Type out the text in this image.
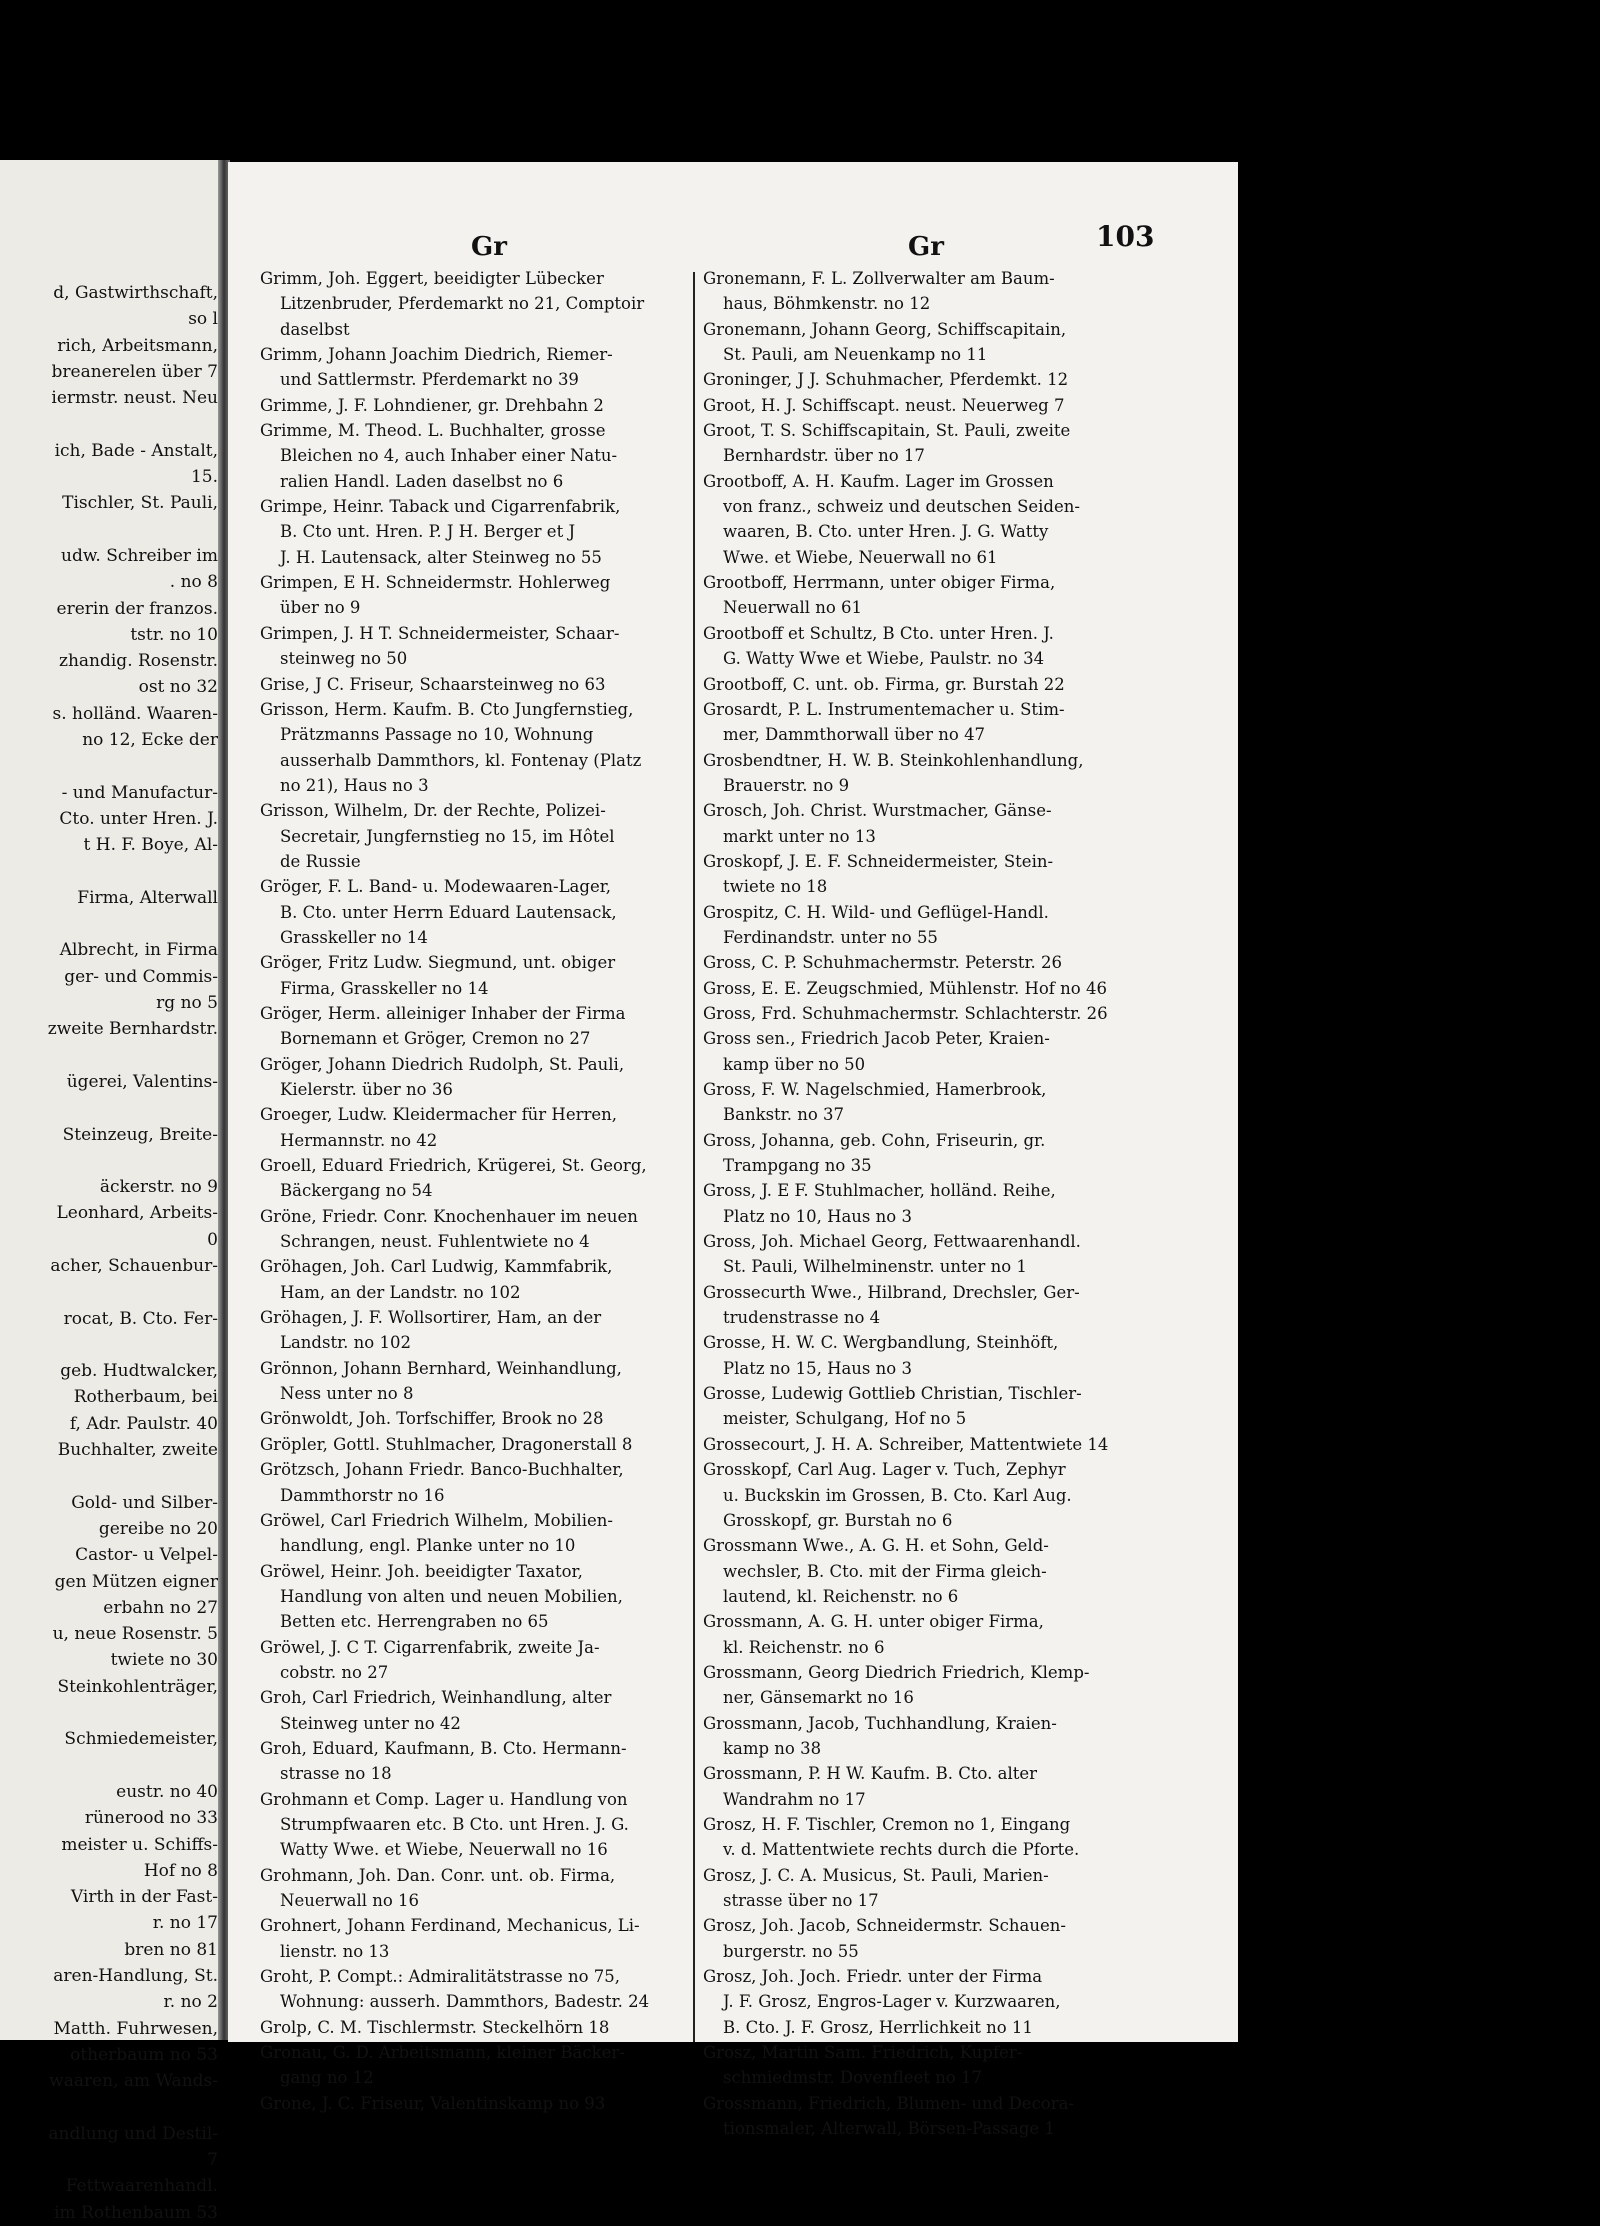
d, Gastwirthschaft,
so l
rich, Arbeitsmann,
breanerelen über 7
iermstr. neust. Neu
ich, Bade - Anstalt,
15.
Tischler, St. Pauli,
udw. Schreiber im
. no 8
ererin der franzos.
tstr. no 10
zhandig. Rosenstr.
ost no 32
s. holländ. Waaren-
no 12, Ecke der
- und Manufactur-
Cto. unter Hren. J.
t H. F. Boye, Al-
Firma, Alterwall
Albrecht, in Firma
ger- und Commis-
rg no 5
zweite Bernhardstr.
ügerei, Valentins-
Steinzeug, Breite-
äckerstr. no 9
Leonhard, Arbeits-
0
acher, Schauenbur-
rocat, B. Cto. Fer-
geb. Hudtwalcker,
Rotherbaum, bei
f, Adr. Paulstr. 40
Buchhalter, zweite
Gold- und Silber-
gereibe no 20
Castor- u Velpel-
gen Mützen eigner
erbahn no 27
u, neue Rosenstr. 5
twiete no 30
Steinkohlenträger,
Schmiedemeister,
eustr. no 40
rünerood no 33
meister u. Schiffs-
Hof no 8
Virth in der Fast-
r. no 17
bren no 81
aren-Handlung, St.
r. no 2
Matth. Fuhrwesen,
otherbaum no 53
waaren, am Wands-
andlung und Destil-
7
Fettwaarenhandl.
im Rothenbaum 53
Gr	Gr	103
Grimm, Joh. Eggert, beeidigter Lübecker
Litzenbruder, Pferdemarkt no 21, Comptoir
daselbst
Grimm, Johann Joachim Diedrich, Riemer-
und Sattlermstr. Pferdemarkt no 39
Grimme, J. F. Lohndiener, gr. Drehbahn 2
Grimme, M. Theod. L. Buchhalter, grosse
Bleichen no 4, auch Inhaber einer Natu-
ralien Handl. Laden daselbst no 6
Grimpe, Heinr. Taback und Cigarrenfabrik,
B. Cto unt. Hren. P. J H. Berger et J
J. H. Lautensack, alter Steinweg no 55
Grimpen, E H. Schneidermstr. Hohlerweg
über no 9
Grimpen, J. H T. Schneidermeister, Schaar-
steinweg no 50
Grise, J C. Friseur, Schaarsteinweg no 63
Grisson, Herm. Kaufm. B. Cto Jungfernstieg,
Prätzmanns Passage no 10, Wohnung
ausserhalb Dammthors, kl. Fontenay (Platz
no 21), Haus no 3
Grisson, Wilhelm, Dr. der Rechte, Polizei-
Secretair, Jungfernstieg no 15, im Hôtel
de Russie
Gröger, F. L. Band- u. Modewaaren-Lager,
B. Cto. unter Herrn Eduard Lautensack,
Grasskeller no 14
Gröger, Fritz Ludw. Siegmund, unt. obiger
Firma, Grasskeller no 14
Gröger, Herm. alleiniger Inhaber der Firma
Bornemann et Gröger, Cremon no 27
Gröger, Johann Diedrich Rudolph, St. Pauli,
Kielerstr. über no 36
Groeger, Ludw. Kleidermacher für Herren,
Hermannstr. no 42
Groell, Eduard Friedrich, Krügerei, St. Georg,
Bäckergang no 54
Gröne, Friedr. Conr. Knochenhauer im neuen
Schrangen, neust. Fuhlentwiete no 4
Gröhagen, Joh. Carl Ludwig, Kammfabrik,
Ham, an der Landstr. no 102
Gröhagen, J. F. Wollsortirer, Ham, an der
Landstr. no 102
Grönnon, Johann Bernhard, Weinhandlung,
Ness unter no 8
Grönwoldt, Joh. Torfschiffer, Brook no 28
Gröpler, Gottl. Stuhlmacher, Dragonerstall 8
Grötzsch, Johann Friedr. Banco-Buchhalter,
Dammthorstr no 16
Gröwel, Carl Friedrich Wilhelm, Mobilien-
handlung, engl. Planke unter no 10
Gröwel, Heinr. Joh. beeidigter Taxator,
Handlung von alten und neuen Mobilien,
Betten etc. Herrengraben no 65
Gröwel, J. C T. Cigarrenfabrik, zweite Ja-
cobstr. no 27
Groh, Carl Friedrich, Weinhandlung, alter
Steinweg unter no 42
Groh, Eduard, Kaufmann, B. Cto. Hermann-
strasse no 18
Grohmann et Comp. Lager u. Handlung von
Strumpfwaaren etc. B Cto. unt Hren. J. G.
Watty Wwe. et Wiebe, Neuerwall no 16
Grohmann, Joh. Dan. Conr. unt. ob. Firma,
Neuerwall no 16
Grohnert, Johann Ferdinand, Mechanicus, Li-
lienstr. no 13
Groht, P. Compt.: Admiralitätstrasse no 75,
Wohnung: ausserh. Dammthors, Badestr. 24
Grolp, C. M. Tischlermstr. Steckelhörn 18
Gronau, G. D. Arbeitsmann, kleiner Bäcker-
gang no 12
Grone, J. C. Friseur, Valentinskamp no 93
Gronemann, F. L. Zollverwalter am Baum-
haus, Böhmkenstr. no 12
Gronemann, Johann Georg, Schiffscapitain,
St. Pauli, am Neuenkamp no 11
Groninger, J J. Schuhmacher, Pferdemkt. 12
Groot, H. J. Schiffscapt. neust. Neuerweg 7
Groot, T. S. Schiffscapitain, St. Pauli, zweite
Bernhardstr. über no 17
Grootboff, A. H. Kaufm. Lager im Grossen
von franz., schweiz und deutschen Seiden-
waaren, B. Cto. unter Hren. J. G. Watty
Wwe. et Wiebe, Neuerwall no 61
Grootboff, Herrmann, unter obiger Firma,
Neuerwall no 61
Grootboff et Schultz, B Cto. unter Hren. J.
G. Watty Wwe et Wiebe, Paulstr. no 34
Grootboff, C. unt. ob. Firma, gr. Burstah 22
Grosardt, P. L. Instrumentemacher u. Stim-
mer, Dammthorwall über no 47
Grosbendtner, H. W. B. Steinkohlenhandlung,
Brauerstr. no 9
Grosch, Joh. Christ. Wurstmacher, Gänse-
markt unter no 13
Groskopf, J. E. F. Schneidermeister, Stein-
twiete no 18
Grospitz, C. H. Wild- und Geflügel-Handl.
Ferdinandstr. unter no 55
Gross, C. P. Schuhmachermstr. Peterstr. 26
Gross, E. E. Zeugschmied, Mühlenstr. Hof no 46
Gross, Frd. Schuhmachermstr. Schlachterstr. 26
Gross sen., Friedrich Jacob Peter, Kraien-
kamp über no 50
Gross, F. W. Nagelschmied, Hamerbrook,
Bankstr. no 37
Gross, Johanna, geb. Cohn, Friseurin, gr.
Trampgang no 35
Gross, J. E F. Stuhlmacher, holländ. Reihe,
Platz no 10, Haus no 3
Gross, Joh. Michael Georg, Fettwaarenhandl.
St. Pauli, Wilhelminenstr. unter no 1
Grossecurth Wwe., Hilbrand, Drechsler, Ger-
trudenstrasse no 4
Grosse, H. W. C. Wergbandlung, Steinhöft,
Platz no 15, Haus no 3
Grosse, Ludewig Gottlieb Christian, Tischler-
meister, Schulgang, Hof no 5
Grossecourt, J. H. A. Schreiber, Mattentwiete 14
Grosskopf, Carl Aug. Lager v. Tuch, Zephyr
u. Buckskin im Grossen, B. Cto. Karl Aug.
Grosskopf, gr. Burstah no 6
Grossmann Wwe., A. G. H. et Sohn, Geld-
wechsler, B. Cto. mit der Firma gleich-
lautend, kl. Reichenstr. no 6
Grossmann, A. G. H. unter obiger Firma,
kl. Reichenstr. no 6
Grossmann, Georg Diedrich Friedrich, Klemp-
ner, Gänsemarkt no 16
Grossmann, Jacob, Tuchhandlung, Kraien-
kamp no 38
Grossmann, P. H W. Kaufm. B. Cto. alter
Wandrahm no 17
Grosz, H. F. Tischler, Cremon no 1, Eingang
v. d. Mattentwiete rechts durch die Pforte.
Grosz, J. C. A. Musicus, St. Pauli, Marien-
strasse über no 17
Grosz, Joh. Jacob, Schneidermstr. Schauen-
burgerstr. no 55
Grosz, Joh. Joch. Friedr. unter der Firma
J. F. Grosz, Engros-Lager v. Kurzwaaren,
B. Cto. J. F. Grosz, Herrlichkeit no 11
Grosz, Martin Sam. Friedrich, Kupfer-
schmiedmstr. Dovenfleet no 17
Grossmann, Friedrich, Blumen- und Decora-
tionsmaler, Alterwall, Börsen-Passage 1
